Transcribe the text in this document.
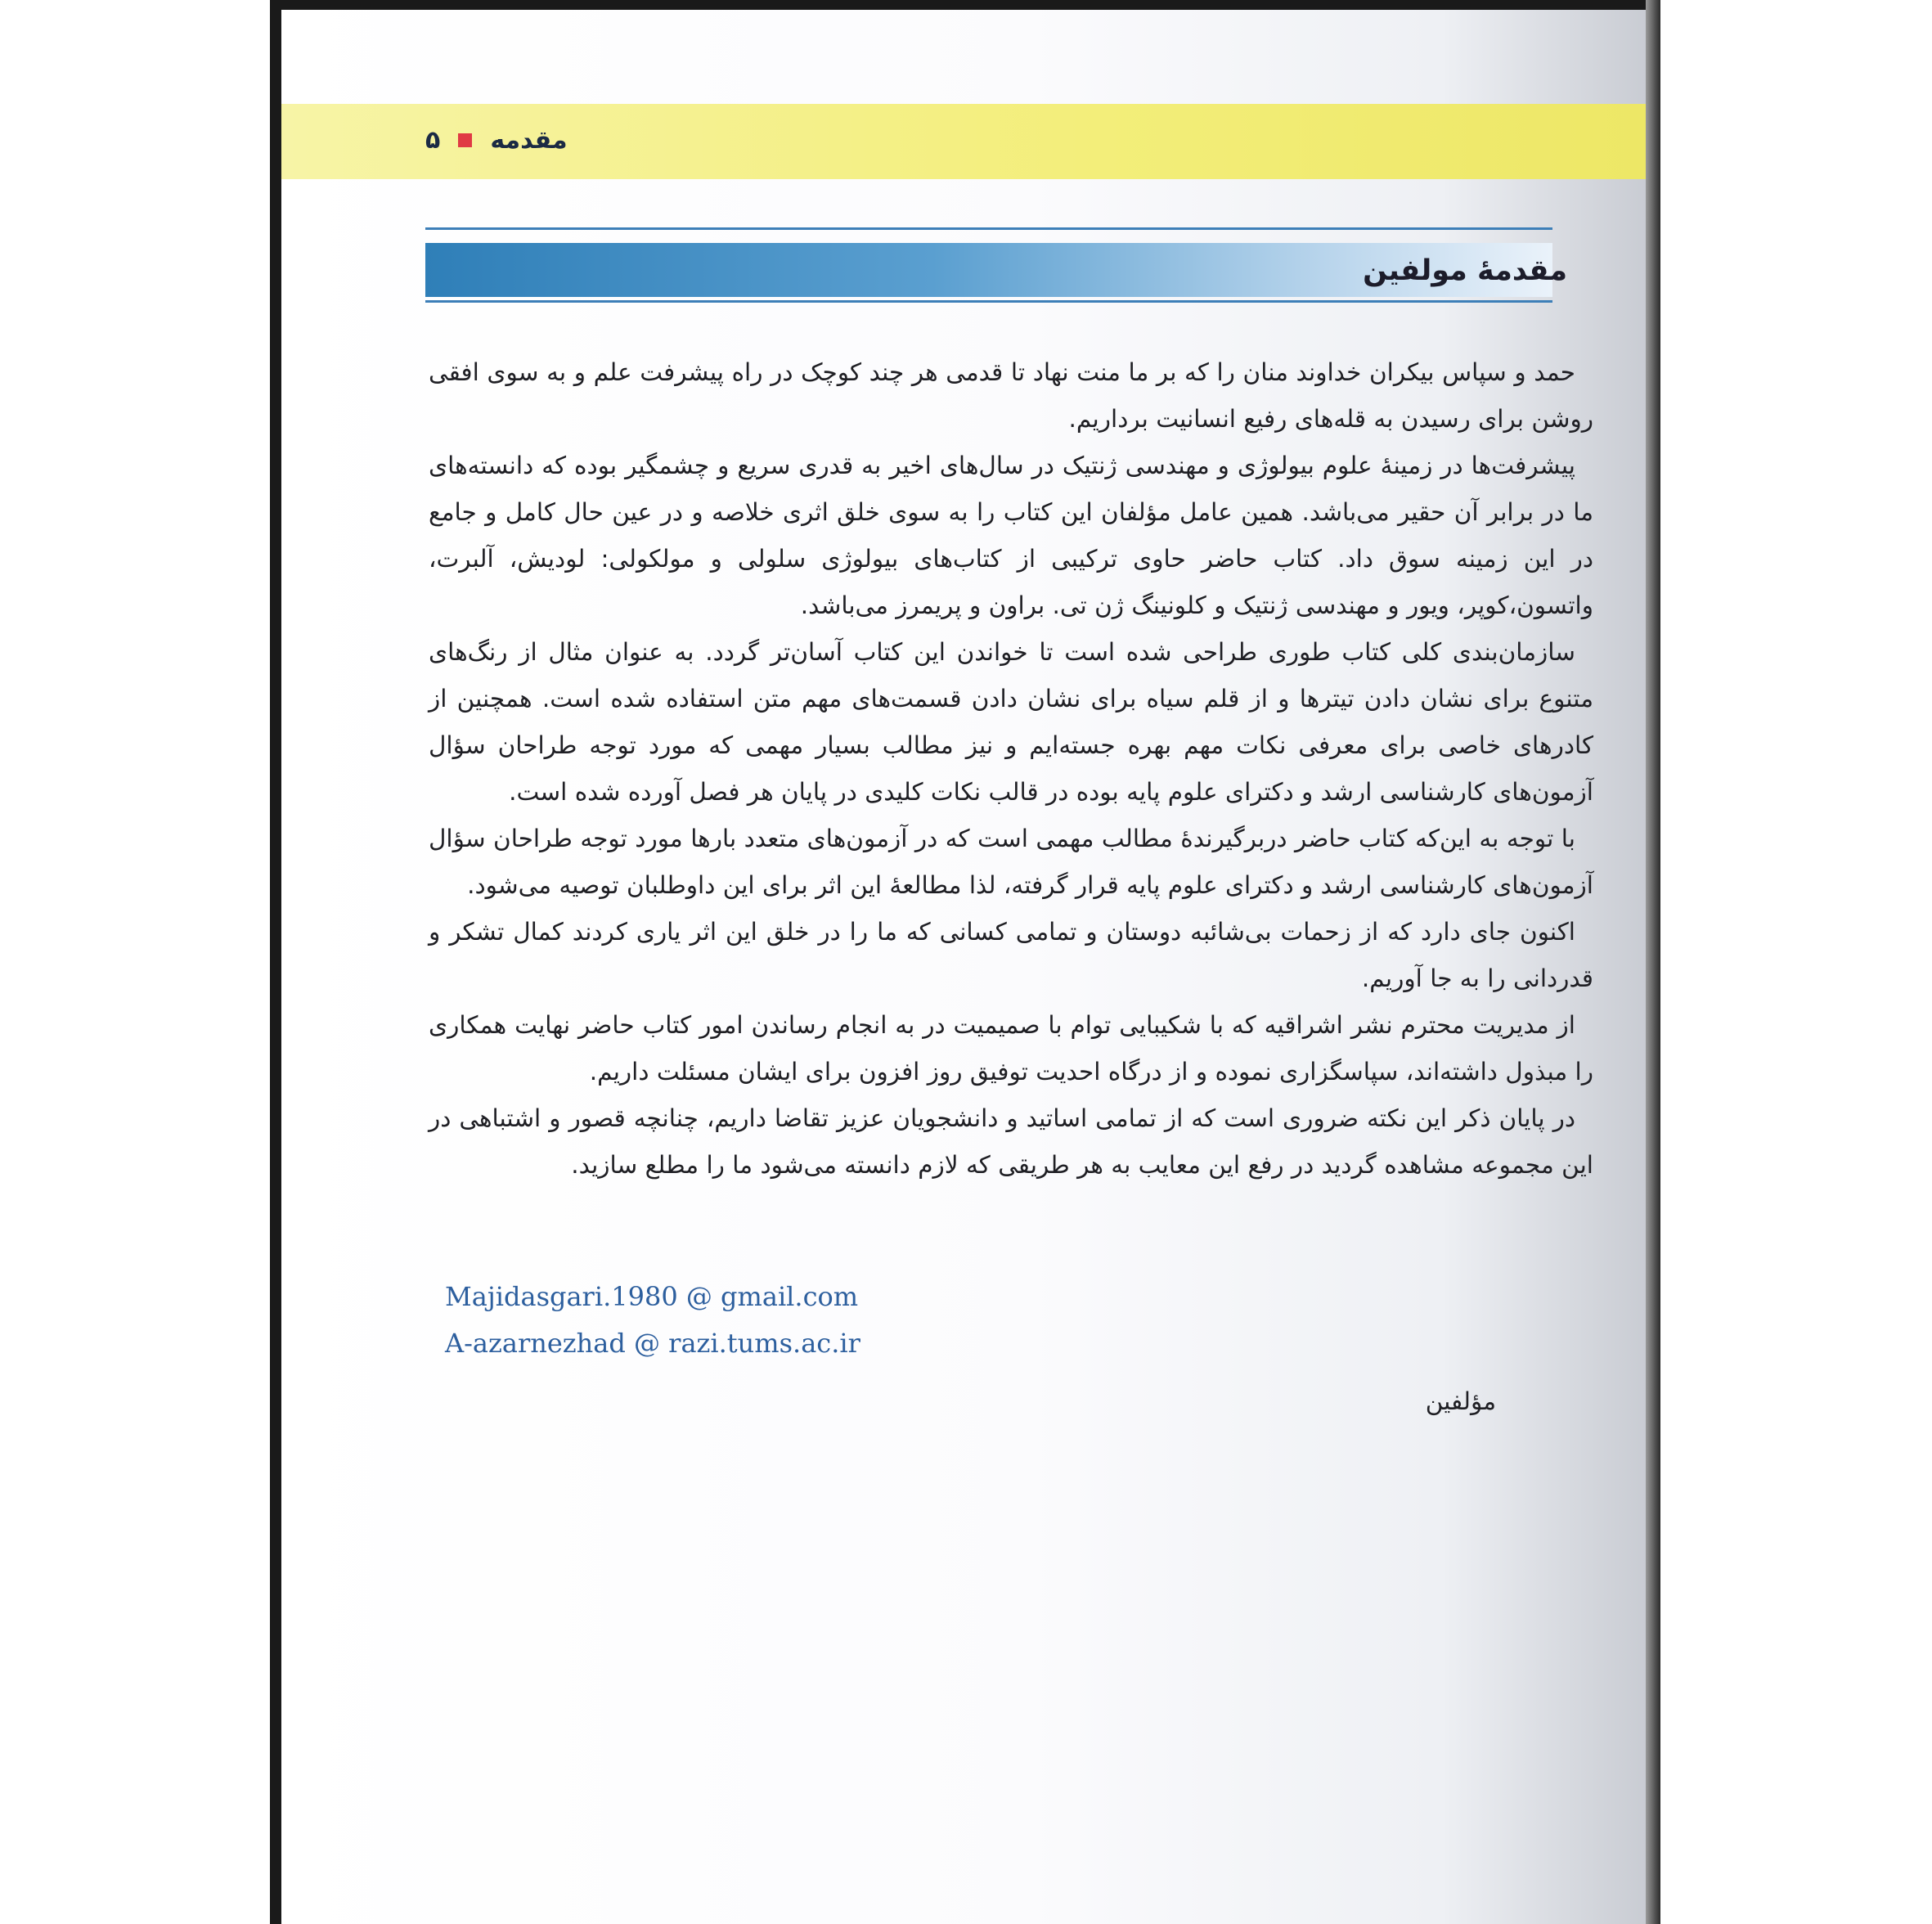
۵ مقدمه
مقدمهٔ مولفین

حمد و سپاس بیکران خداوند منان را که بر ما منت نهاد تا قدمی هر چند کوچک در راه پیشرفت علم و به سوی افقی روشن برای رسیدن به قله‌های رفیع انسانیت برداریم.

پیشرفت‌ها در زمینهٔ علوم بیولوژی و مهندسی ژنتیک در سال‌های اخیر به قدری سریع و چشمگیر بوده که دانسته‌های ما در برابر آن حقیر می‌باشد. همین عامل مؤلفان این کتاب را به سوی خلق اثری خلاصه و در عین حال کامل و جامع در این زمینه سوق داد. کتاب حاضر حاوی ترکیبی از کتاب‌های بیولوژی سلولی و مولکولی: لودیش، آلبرت، واتسون،کوپر، ویور و مهندسی ژنتیک و کلونینگ ژن تی. براون و پریمرز می‌باشد.

سازمان‌بندی کلی کتاب طوری طراحی شده است تا خواندن این کتاب آسان‌تر گردد. به عنوان مثال از رنگ‌های متنوع برای نشان دادن تیترها و از قلم سیاه برای نشان دادن قسمت‌های مهم متن استفاده شده است. همچنین از کادرهای خاصی برای معرفی نکات مهم بهره جسته‌ایم و نیز مطالب بسیار مهمی که مورد توجه طراحان سؤال آزمون‌های کارشناسی ارشد و دکترای علوم پایه بوده در قالب نکات کلیدی در پایان هر فصل آورده شده است.

با توجه به این‌که کتاب حاضر دربرگیرندهٔ مطالب مهمی است که در آزمون‌های متعدد بارها مورد توجه طراحان سؤال آزمون‌های کارشناسی ارشد و دکترای علوم پایه قرار گرفته، لذا مطالعهٔ این اثر برای این داوطلبان توصیه می‌شود.

اکنون جای دارد که از زحمات بی‌شائبه دوستان و تمامی کسانی که ما را در خلق این اثر یاری کردند کمال تشکر و قدردانی را به جا آوریم.

از مدیریت محترم نشر اشراقیه که با شکیبایی توام با صمیمیت در به انجام رساندن امور کتاب حاضر نهایت همکاری را مبذول داشته‌اند، سپاسگزاری نموده و از درگاه احدیت توفیق روز افزون برای ایشان مسئلت داریم.

در پایان ذکر این نکته ضروری است که از تمامی اساتید و دانشجویان عزیز تقاضا داریم، چنانچه قصور و اشتباهی در این مجموعه مشاهده گردید در رفع این معایب به هر طریقی که لازم دانسته می‌شود ما را مطلع سازید.

Majidasgari.1980 @ gmail.com
A-azarnezhad @ razi.tums.ac.ir
مؤلفین
